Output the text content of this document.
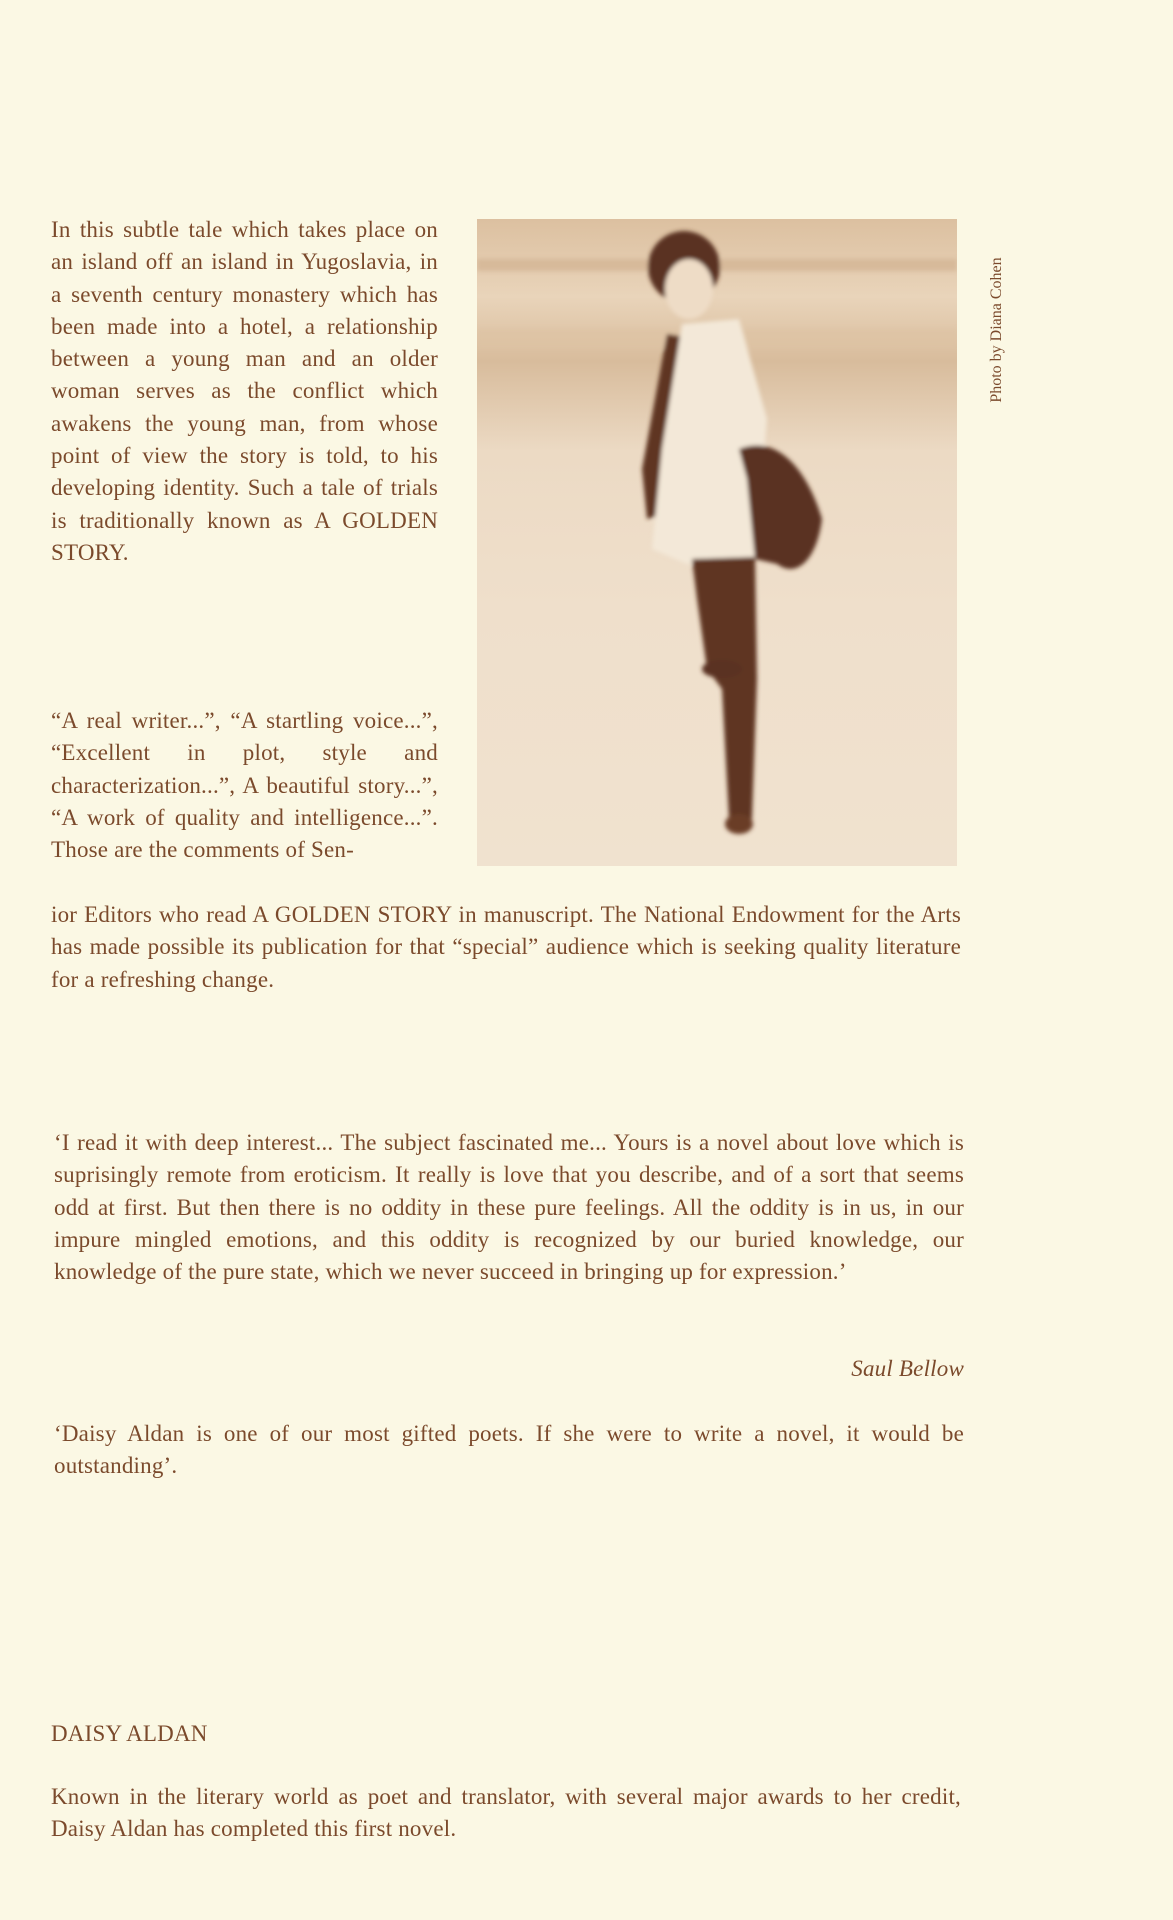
In this subtle tale which takes place on an island off an island in Yugoslavia, in a seventh century monastery which has been made into a hotel, a relationship between a young man and an older woman serves as the conflict which awakens the young man, from whose point of view the story is told, to his developing identity. Such a tale of trials is traditionally known as A GOLDEN STORY.

Photo by Diana Cohen

“A real writer...”, “A startling voice...”, “Excellent in plot, style and characterization...”, A beautiful story...”, “A work of quality and intelligence...”. Those are the comments of Sen-

ior Editors who read A GOLDEN STORY in manuscript. The National Endowment for the Arts has made possible its publication for that “special” audience which is seeking quality literature for a refreshing change.

‘I read it with deep interest... The subject fascinated me... Yours is a novel about love which is suprisingly remote from eroticism. It really is love that you describe, and of a sort that seems odd at first. But then there is no oddity in these pure feelings. All the oddity is in us, in our impure mingled emotions, and this oddity is recognized by our buried knowledge, our knowledge of the pure state, which we never succeed in bringing up for expression.’

Saul Bellow

‘Daisy Aldan is one of our most gifted poets. If she were to write a novel, it would be outstanding’.

DAISY ALDAN

Known in the literary world as poet and translator, with several major awards to her credit, Daisy Aldan has completed this first novel.
